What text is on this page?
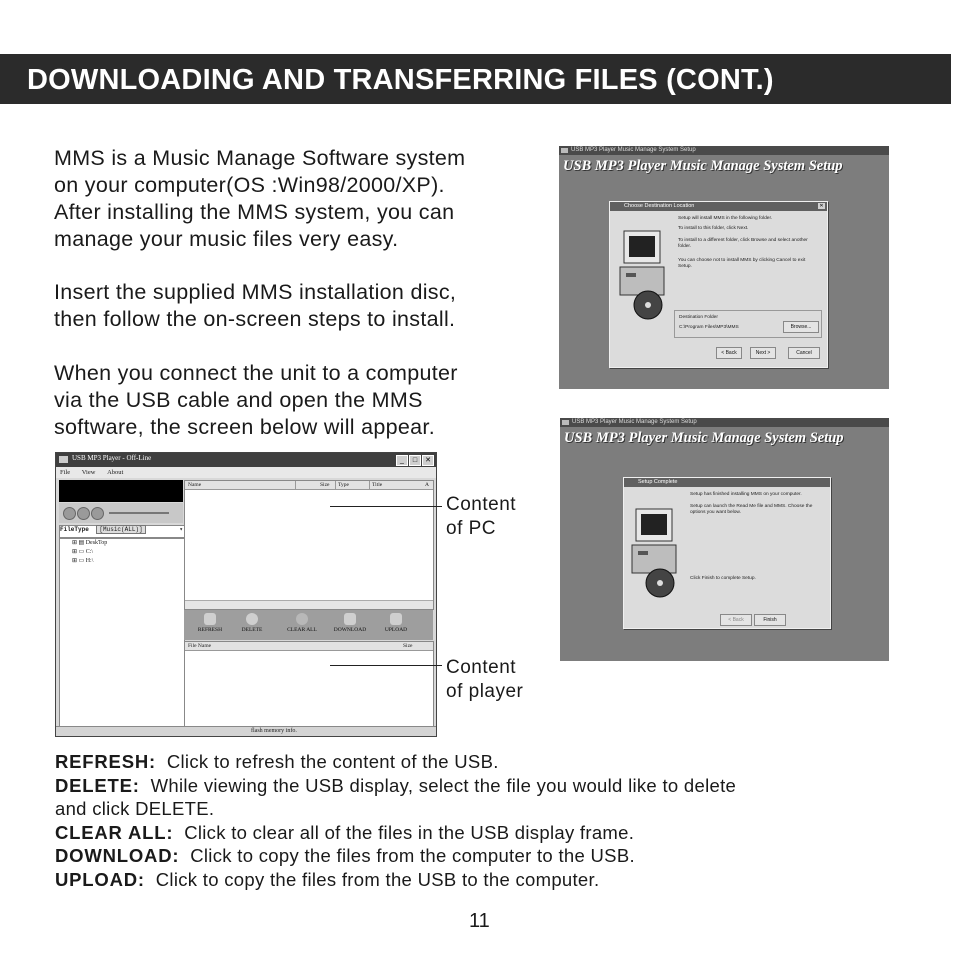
DOWNLOADING AND TRANSFERRING FILES (CONT.)
MMS is a Music Manage Software system
on your computer(OS :Win98/2000/XP).
After installing the MMS system, you can
manage your music files very easy.
Insert the supplied MMS installation disc,
then follow the on-screen steps to install.
When you connect the unit to a computer
via the USB cable and open the MMS
software, the screen below will appear.
USB MP3 Player Music Manage System Setup
USB MP3 Player Music Manage System Setup
Choose Destination Location	✕
Setup will install MMS in the following folder.
To install to this folder, click Next.
To install to a different folder, click Browse and select another folder.
You can choose not to install MMS by clicking Cancel to exit Setup.
Destination Folder
C:\Program Files\MP3\MMS	Browse...
< Back	Next >	Cancel
USB MP3 Player Music Manage System Setup
USB MP3 Player Music Manage System Setup
Setup Complete
Setup has finished installing MMS on your computer.
Setup can launch the Read Me file and MMS. Choose the options you want below.
Click Finish to complete Setup.
< Back	Finish
USB MP3 Player - Off-Line	_	□	✕
File View About
FileType [Music(ALL)]	▾
⊞ ▤ DeskTop
⊞ ▭ C:\
⊞ ▭ H:\
Name	Size	Type	Title	A
REFRESH	DELETE	CLEAR ALL	DOWNLOAD	UPLOAD
File Name	Size
flash memory info.
Content
of PC
Content
of player

REFRESH: Click to refresh the content of the USB.

DELETE: While viewing the USB display, select the file you would like to delete

and click DELETE.

CLEAR ALL: Click to clear all of the files in the USB display frame.

DOWNLOAD: Click to copy the files from the computer to the USB.

UPLOAD: Click to copy the files from the USB to the computer.

11
